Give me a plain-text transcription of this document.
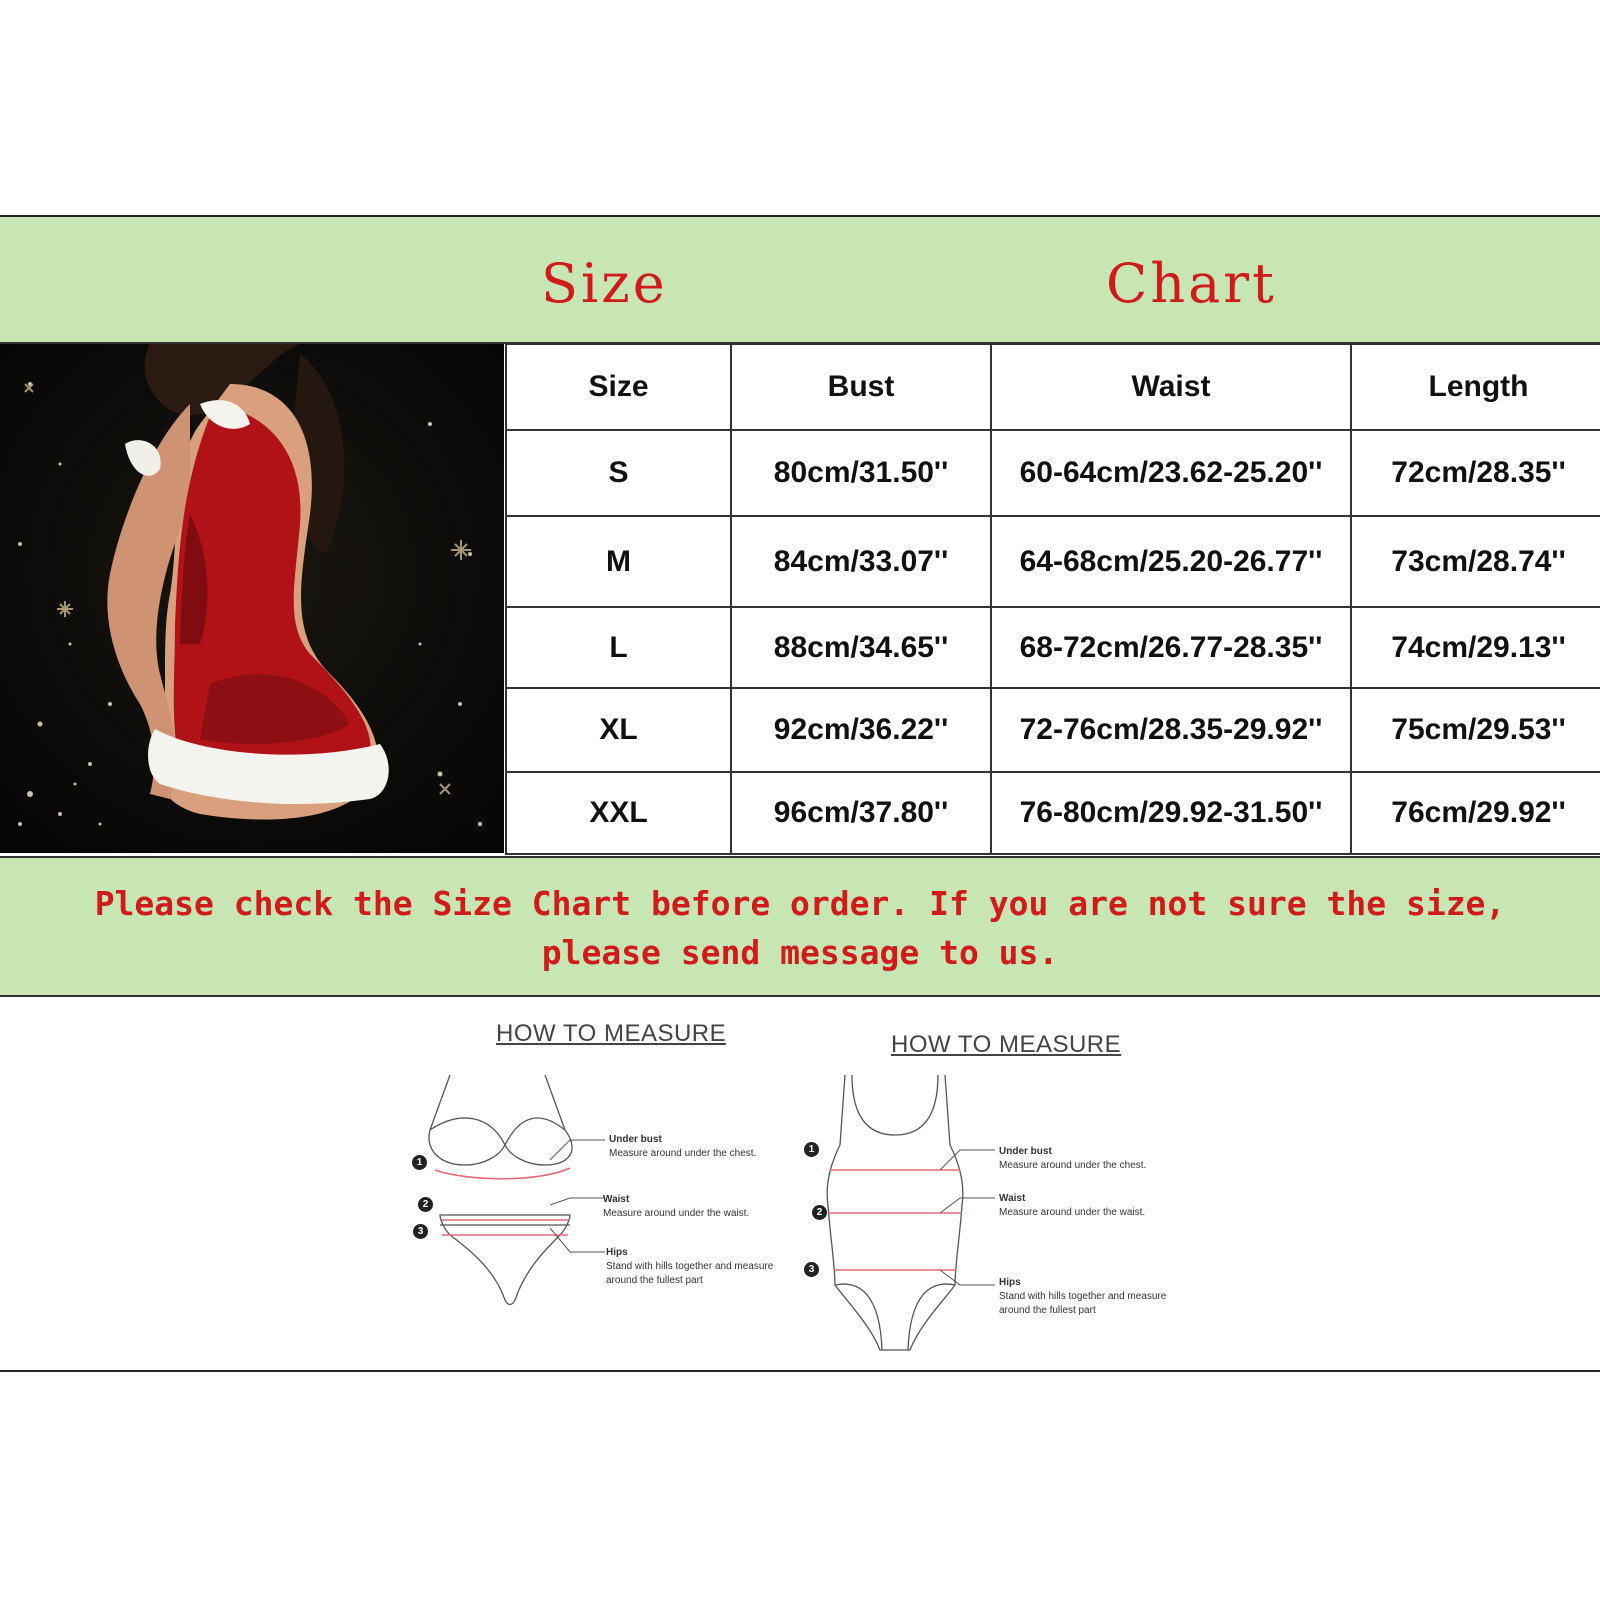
Size	Chart
Size	Bust	Waist	Length
S	80cm/31.50''	60-64cm/23.62-25.20''	72cm/28.35''
M	84cm/33.07''	64-68cm/25.20-26.77''	73cm/28.74''
L	88cm/34.65''	68-72cm/26.77-28.35''	74cm/29.13''
XL	92cm/36.22''	72-76cm/28.35-29.92''	75cm/29.53''
XXL	96cm/37.80''	76-80cm/29.92-31.50''	76cm/29.92''
Please check the Size Chart before order. If you are not sure the size,
please send message to us.
HOW TO MEASURE
1
2
3
Under bust
Measure around under the chest.
Waist
Measure around under the waist.
Hips
Stand with hills together and measure around the fullest part
HOW TO MEASURE
1
2
3
Under bust
Measure around under the chest.
Waist
Measure around under the waist.
Hips
Stand with hills together and measure around the fullest part
